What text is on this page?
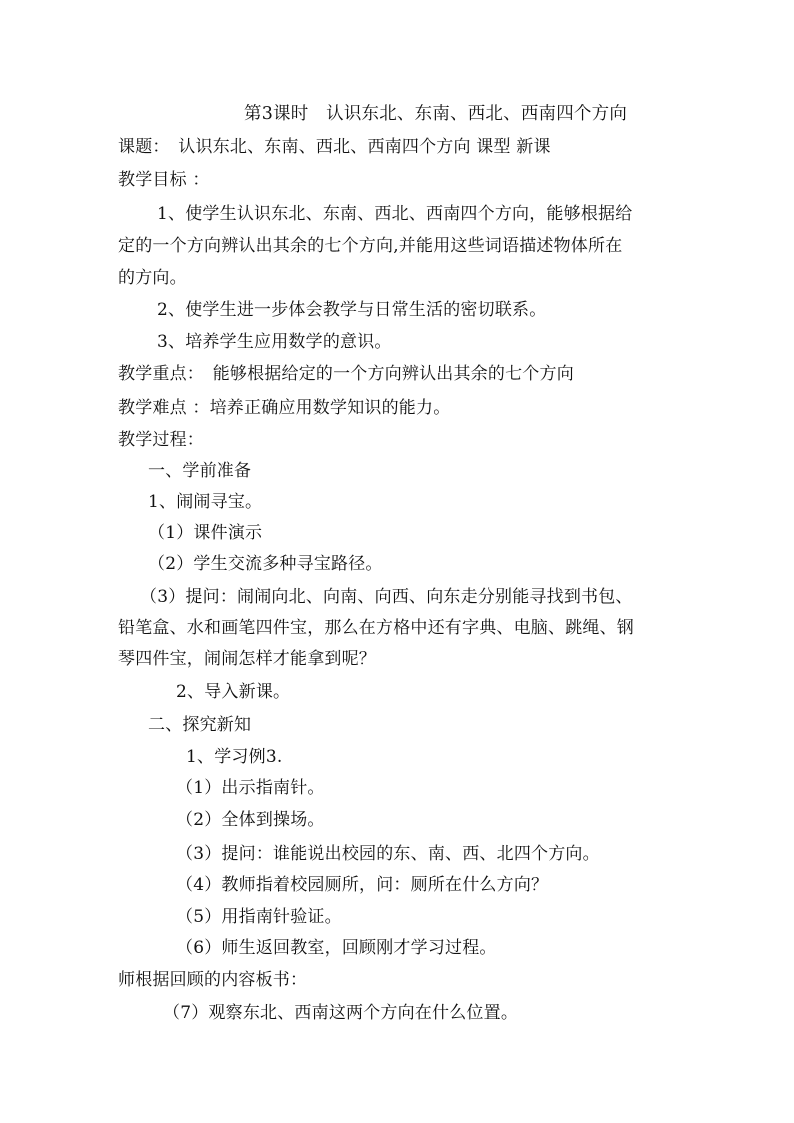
第3课时　认识东北、东南、西北、西南四个方向
课题：　认识东北、东南、西北、西南四个方向 课型 新课
教学目标 ：
1、使学生认识东北、东南、西北、西南四个方向，能够根据给
定的一个方向辨认出其余的七个方向,并能用这些词语描述物体所在
的方向。
2、使学生进一步体会教学与日常生活的密切联系。
3、培养学生应用数学的意识。
教学重点：　能够根据给定的一个方向辨认出其余的七个方向
教学难点 ：培养正确应用数学知识的能力。
教学过程：
一、学前准备
1、闹闹寻宝。
（1）课件演示
（2）学生交流多种寻宝路径。
（3）提问：闹闹向北、向南、向西、向东走分别能寻找到书包、
铅笔盒、水和画笔四件宝，那么在方格中还有字典、电脑、跳绳、钢
琴四件宝，闹闹怎样才能拿到呢？
2、导入新课。
二、探究新知
1、学习例3.
（1）出示指南针。
（2）全体到操场。
（3）提问：谁能说出校园的东、南、西、北四个方向。
（4）教师指着校园厕所，问：厕所在什么方向？
（5）用指南针验证。
（6）师生返回教室，回顾刚才学习过程。
师根据回顾的内容板书：
（7）观察东北、西南这两个方向在什么位置。
